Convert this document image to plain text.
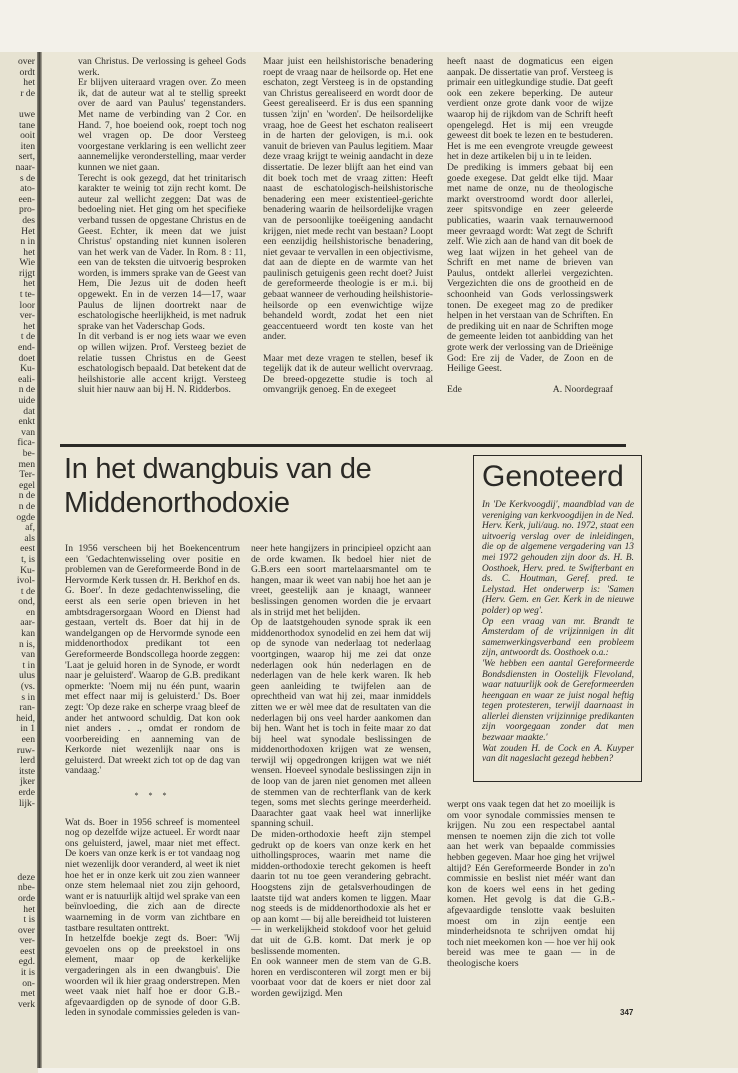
over
ordt
het
r de
uwe
tane
ooit
iten
sert,
naar-
s de
ato-
een-
pro-
des
Het
n in
het
Wie
rijgt
het
t te-
loor
ver-
het
t de
end-
doet
Ku-
eali-
n de
uide
dat
enkt
van
fica-
be-
men
Ter-
egel
n de
n de
ogde
af,
als
eest
t, is
Ku-
ivol-
t de
ond,
en
aar-
kan
n is,
van
t in
ulus
(vs.
s in
ran-
heid,
in 1
een
ruw-
lerd
itste
jker
erde
lijk-
deze
nbe-
orde
het
t is
over
ver-
eest
egd.
it is
on-
met
verk

van Christus. De verlossing is geheel Gods werk.

Er blijven uiteraard vragen over. Zo meen ik, dat de auteur wat al te stellig spreekt over de aard van Paulus' tegenstanders. Met name de verbinding van 2 Cor. en Hand. 7, hoe boeiend ook, roept toch nog wel vragen op. De door Versteeg voorgestane verklaring is een wellicht zeer aannemelijke veronderstelling, maar verder kunnen we niet gaan.

Terecht is ook gezegd, dat het trinitarisch karakter te weinig tot zijn recht komt. De auteur zal wellicht zeggen: Dat was de bedoeling niet. Het ging om het specifieke verband tussen de opgestane Christus en de Geest. Echter, ik meen dat we juist Christus' opstanding niet kunnen isoleren van het werk van de Vader. In Rom. 8 : 11, een van de teksten die uitvoerig besproken worden, is immers sprake van de Geest van Hem, Die Jezus uit de doden heeft opgewekt. En in de verzen 14—17, waar Paulus de lijnen doortrekt naar de eschatologische heerlijkheid, is met nadruk sprake van het Vaderschap Gods.

In dit verband is er nog iets waar we even op willen wijzen. Prof. Versteeg beziet de relatie tussen Christus en de Geest eschatologisch bepaald. Dat betekent dat de heilshistorie alle accent krijgt. Versteeg sluit hier nauw aan bij H. N. Ridderbos.

Maar juist een heilshistorische benadering roept de vraag naar de heilsorde op. Het ene eschaton, zegt Versteeg is in de opstanding van Christus gerealiseerd en wordt door de Geest gerealiseerd. Er is dus een spanning tussen 'zijn' en 'worden'. De heilsordelijke vraag, hoe de Geest het eschaton realiseert in de harten der gelovigen, is m.i. ook vanuit de brieven van Paulus legitiem. Maar deze vraag krijgt te weinig aandacht in deze dissertatie. De lezer blijft aan het eind van dit boek toch met de vraag zitten: Heeft naast de eschatologisch-heilshistorische benadering een meer existentieel-gerichte benadering waarin de heilsordelijke vragen van de persoonlijke toeëigening aandacht krijgen, niet mede recht van bestaan? Loopt een eenzijdig heilshistorische benadering, niet gevaar te vervallen in een objectivisme, dat aan de diepte en de warmte van het paulinisch getuigenis geen recht doet? Juist de gereformeerde theologie is er m.i. bij gebaat wanneer de verhouding heilshistorie-heilsorde op een evenwichtige wijze behandeld wordt, zodat het een niet geaccentueerd wordt ten koste van het ander.

Maar met deze vragen te stellen, besef ik tegelijk dat ik de auteur wellicht overvraag. De breed-opgezette studie is toch al omvangrijk genoeg. En de exegeet

heeft naast de dogmaticus een eigen aanpak. De dissertatie van prof. Versteeg is primair een uitlegkundige studie. Dat geeft ook een zekere beperking. De auteur verdient onze grote dank voor de wijze waarop hij de rijkdom van de Schrift heeft opengelegd. Het is mij een vreugde geweest dit boek te lezen en te bestuderen. Het is me een evengrote vreugde geweest het in deze artikelen bij u in te leiden.

De prediking is immers gebaat bij een goede exegese. Dat geldt elke tijd. Maar met name de onze, nu de theologische markt overstroomd wordt door allerlei, zeer spitsvondige en zeer geleerde publicaties, waarin vaak ternauwernood meer gevraagd wordt: Wat zegt de Schrift zelf. Wie zich aan de hand van dit boek de weg laat wijzen in het geheel van de Schrift en met name de brieven van Paulus, ontdekt allerlei vergezichten. Vergezichten die ons de grootheid en de schoonheid van Gods verlossingswerk tonen. De exegeet mag zo de prediker helpen in het verstaan van de Schriften. En de prediking uit en naar de Schriften moge de gemeente leiden tot aanbidding van het grote werk der verlossing van de Drieënige God: Ere zij de Vader, de Zoon en de Heilige Geest.

Ede	A. Noordegraaf
In het dwangbuis van de Middenorthodoxie

In 1956 verscheen bij het Boekencentrum een 'Gedachtenwisseling over positie en problemen van de Gereformeerde Bond in de Hervormde Kerk tussen dr. H. Berkhof en ds. G. Boer'. In deze gedachtenwisseling, die eerst als een serie open brieven in het ambtsdragersorgaan Woord en Dienst had gestaan, vertelt ds. Boer dat hij in de wandelgangen op de Hervormde synode een middenorthodox predikant tot een Gereformeerde Bondscollega hoorde zeggen: 'Laat je geluid horen in de Synode, er wordt naar je geluisterd'. Waarop de G.B. predikant opmerkte: 'Noem mij nu één punt, waarin met effect naar mij is geluisterd.' Ds. Boer zegt: 'Op deze rake en scherpe vraag bleef de ander het antwoord schuldig. Dat kon ook niet anders . . ., omdat er rondom de voorbereiding en aanneming van de Kerkorde niet wezenlijk naar ons is geluisterd. Dat wreekt zich tot op de dag van vandaag.'

* * *

Wat ds. Boer in 1956 schreef is momenteel nog op dezelfde wijze actueel. Er wordt naar ons geluisterd, jawel, maar niet met effect. De koers van onze kerk is er tot vandaag nog niet wezenlijk door veranderd, al weet ik niet hoe het er in onze kerk uit zou zien wanneer onze stem helemaal niet zou zijn gehoord, want er is natuurlijk altijd wel sprake van een beïnvloeding, die zich aan de directe waarneming in de vorm van zichtbare en tastbare resultaten onttrekt.

In hetzelfde boekje zegt ds. Boer: 'Wij gevoelen ons op de preekstoel in ons element, maar op de kerkelijke vergaderingen als in een dwangbuis'. Die woorden wil ik hier graag onderstrepen. Men weet vaak niet half hoe er door G.B.-afgevaardigden op de synode of door G.B. leden in synodale commissies geleden is van-

neer hete hangijzers in principieel opzicht aan de orde kwamen. Ik bedoel hier niet de G.B.ers een soort martelaarsmantel om te hangen, maar ik weet van nabij hoe het aan je vreet, geestelijk aan je knaagt, wanneer beslissingen genomen worden die je ervaart als in strijd met het belijden.

Op de laatstgehouden synode sprak ik een middenorthodox synodelid en zei hem dat wij op de synode van nederlaag tot nederlaag voortgingen, waarop hij me zei dat onze nederlagen ook hún nederlagen en de nederlagen van de hele kerk waren. Ik heb geen aanleiding te twijfelen aan de oprechtheid van wat hij zei, maar inmiddels zitten we er wèl mee dat de resultaten van die nederlagen bij ons veel harder aankomen dan bij hen. Want het is toch in feite maar zo dat bij heel wat synodale beslissingen de middenorthodoxen krijgen wat ze wensen, terwijl wij opgedrongen krijgen wat we niét wensen. Hoeveel synodale beslissingen zijn in de loop van de jaren niet genomen met alleen de stemmen van de rechterflank van de kerk tegen, soms met slechts geringe meerderheid. Daarachter gaat vaak heel wat innerlijke spanning schuil.

De miden-orthodoxie heeft zijn stempel gedrukt op de koers van onze kerk en het uithollingsproces, waarin met name die midden-orthodoxie terecht gekomen is heeft daarin tot nu toe geen verandering gebracht. Hoogstens zijn de getalsverhoudingen de laatste tijd wat anders komen te liggen. Maar nog steeds is de middenorthodoxie als het er op aan komt — bij alle bereidheid tot luisteren — in werkelijkheid stokdoof voor het geluid dat uit de G.B. komt. Dat merk je op beslissende momenten.

En ook wanneer men de stem van de G.B. horen en verdisconteren wil zorgt men er bij voorbaat voor dat de koers er niet door zal worden gewijzigd. Men

werpt ons vaak tegen dat het zo moeilijk is om voor synodale commissies mensen te krijgen. Nu zou een respectabel aantal mensen te noemen zijn die zich tot volle aan het werk van bepaalde commissies hebben gegeven. Maar hoe ging het vrijwel altijd? Eén Gereformeerde Bonder in zo'n commissie en beslist niet méér want dan kon de koers wel eens in het geding komen. Het gevolg is dat die G.B.-afgevaardigde tenslotte vaak besluiten moest om in zijn eentje een minderheidsnota te schrijven omdat hij toch niet meekomen kon — hoe ver hij ook bereid was mee te gaan — in de theologische koers

Genoteerd

In 'De Kerkvoogdij', maandblad van de vereniging van kerkvoogdijen in de Ned. Herv. Kerk, juli/aug. no. 1972, staat een uitvoerig verslag over de inleidingen, die op de algemene vergadering van 13 mei 1972 gehouden zijn door ds. H. B. Oosthoek, Herv. pred. te Swifterbant en ds. C. Houtman, Geref. pred. te Lelystad. Het onderwerp is: 'Samen (Herv. Gem. en Ger. Kerk in de nieuwe polder) op weg'.

Op een vraag van mr. Brandt te Amsterdam of de vrijzinnigen in dit samenwerkingsverband een probleem zijn, antwoordt ds. Oosthoek o.a.:

'We hebben een aantal Gereformeerde Bondsdiensten in Oostelijk Flevoland, waar natuurlijk ook de Gereformeerden heengaan en waar ze juist nogal heftig tegen protesteren, terwijl daarnaast in allerlei diensten vrijzinnige predikanten zijn voorgegaan zonder dat men bezwaar maakte.'

Wat zouden H. de Cock en A. Kuyper van dit nageslacht gezegd hebben?

347
